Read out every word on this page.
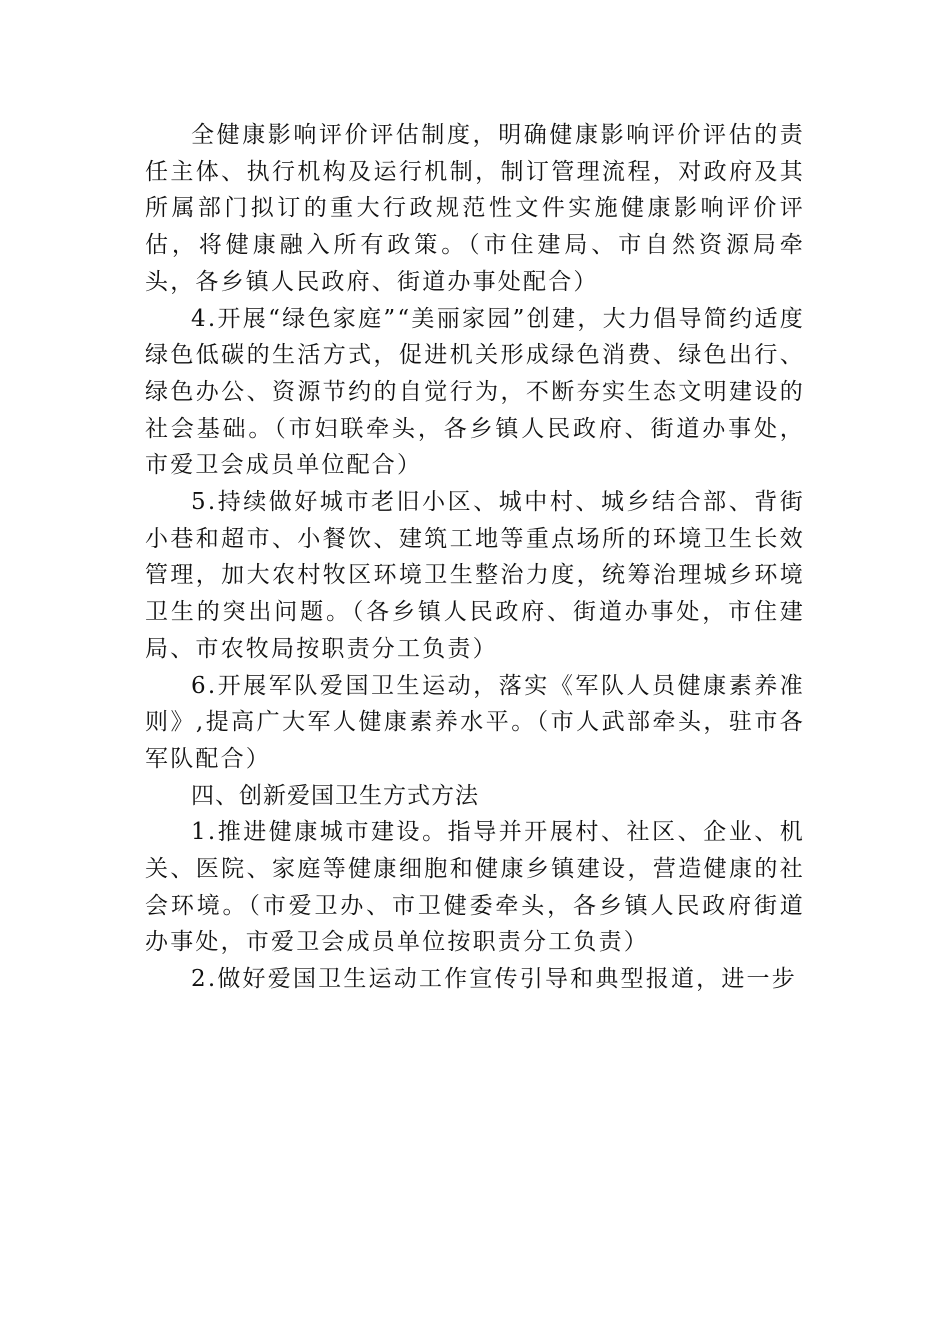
全健康影响评价评估制度，明确健康影响评价评估的责任主体、执行机构及运行机制，制订管理流程，对政府及其所属部门拟订的重大行政规范性文件实施健康影响评价评估，将健康融入所有政策。（市住建局、市自然资源局牵头，各乡镇人民政府、街道办事处配合）

4.开展“绿色家庭”“美丽家园”创建，大力倡导简约适度绿色低碳的生活方式，促进机关形成绿色消费、绿色出行、绿色办公、资源节约的自觉行为，不断夯实生态文明建设的社会基础。（市妇联牵头，各乡镇人民政府、街道办事处，市爱卫会成员单位配合）

5.持续做好城市老旧小区、城中村、城乡结合部、背街小巷和超市、小餐饮、建筑工地等重点场所的环境卫生长效管理，加大农村牧区环境卫生整治力度，统筹治理城乡环境卫生的突出问题。（各乡镇人民政府、街道办事处，市住建局、市农牧局按职责分工负责）

6.开展军队爱国卫生运动，落实《军队人员健康素养准则》,提高广大军人健康素养水平。（市人武部牵头，驻市各军队配合）

四、创新爱国卫生方式方法

1.推进健康城市建设。指导并开展村、社区、企业、机关、医院、家庭等健康细胞和健康乡镇建设，营造健康的社会环境。（市爱卫办、市卫健委牵头，各乡镇人民政府街道办事处，市爱卫会成员单位按职责分工负责）

2.做好爱国卫生运动工作宣传引导和典型报道，进一步
